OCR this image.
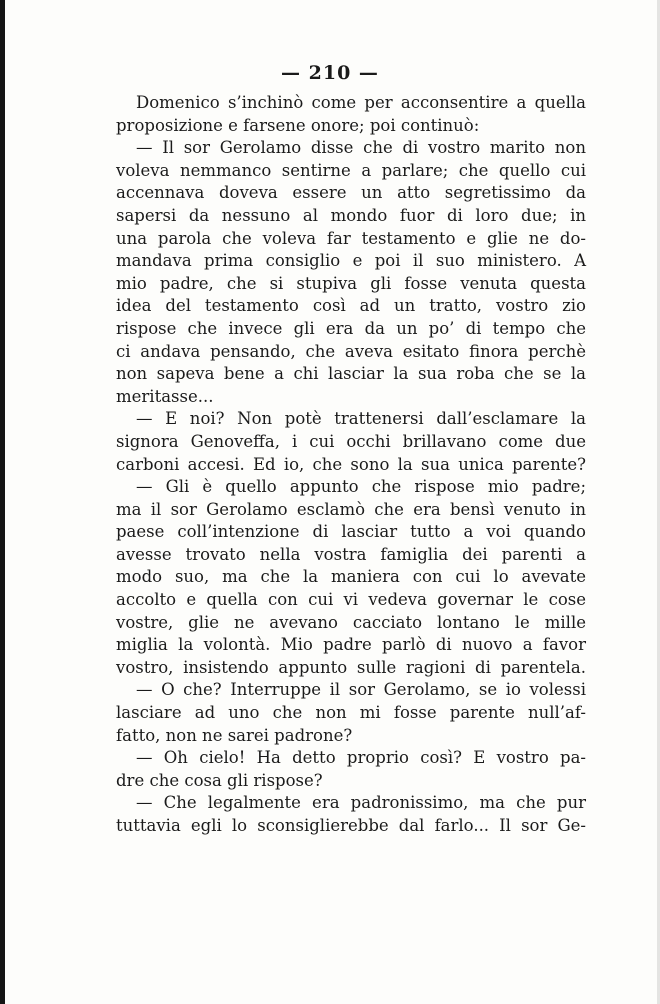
— 210 —
Domenico s’inchinò come per acconsentire a quella
proposizione e farsene onore; poi continuò:
— Il sor Gerolamo disse che di vostro marito non
voleva nemmanco sentirne a parlare; che quello cui
accennava doveva essere un atto segretissimo da
sapersi da nessuno al mondo fuor di loro due; in
una parola che voleva far testamento e glie ne do-
mandava prima consiglio e poi il suo ministero. A
mio padre, che si stupiva gli fosse venuta questa
idea del testamento così ad un tratto, vostro zio
rispose che invece gli era da un po’ di tempo che
ci andava pensando, che aveva esitato finora perchè
non sapeva bene a chi lasciar la sua roba che se la
meritasse...
— E noi? Non potè trattenersi dall’esclamare la
signora Genoveffa, i cui occhi brillavano come due
carboni accesi. Ed io, che sono la sua unica parente?
— Gli è quello appunto che rispose mio padre;
ma il sor Gerolamo esclamò che era bensì venuto in
paese coll’intenzione di lasciar tutto a voi quando
avesse trovato nella vostra famiglia dei parenti a
modo suo, ma che la maniera con cui lo avevate
accolto e quella con cui vi vedeva governar le cose
vostre, glie ne avevano cacciato lontano le mille
miglia la volontà. Mio padre parlò di nuovo a favor
vostro, insistendo appunto sulle ragioni di parentela.
— O che? Interruppe il sor Gerolamo, se io volessi
lasciare ad uno che non mi fosse parente null’af-
fatto, non ne sarei padrone?
— Oh cielo! Ha detto proprio così? E vostro pa-
dre che cosa gli rispose?
— Che legalmente era padronissimo, ma che pur
tuttavia egli lo sconsiglierebbe dal farlo... Il sor Ge-
